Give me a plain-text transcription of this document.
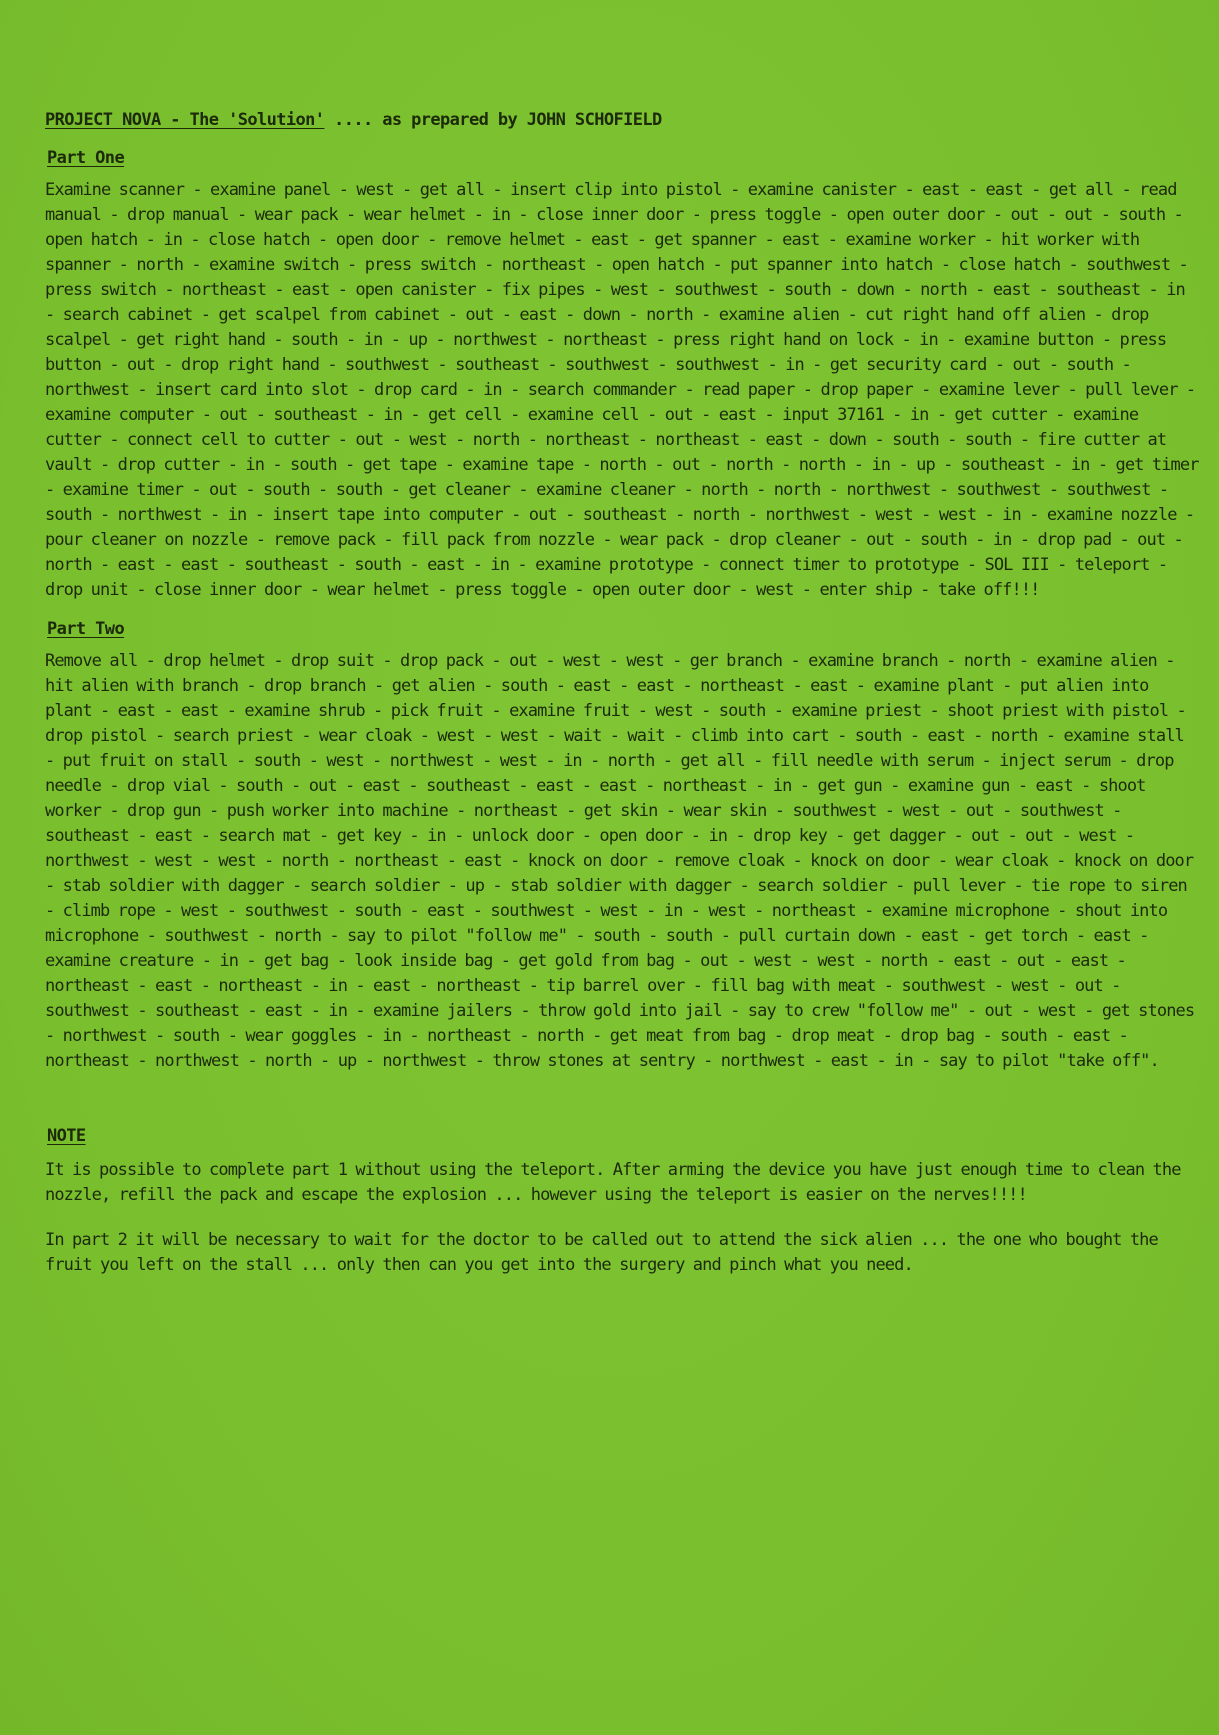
PROJECT NOVA - The 'Solution' .... as prepared by JOHN SCHOFIELD
Part One

Examine scanner - examine panel - west - get all - insert clip into pistol - examine canister - east - east - get all - read manual - drop manual - wear pack - wear helmet - in - close inner door - press toggle - open outer door - out - out - south - open hatch - in - close hatch - open door - remove helmet - east - get spanner - east - examine worker - hit worker with spanner - north - examine switch - press switch - northeast - open hatch - put spanner into hatch - close hatch - southwest - press switch - northeast - east - open canister - fix pipes - west - southwest - south - down - north - east - southeast - in - search cabinet - get scalpel from cabinet - out - east - down - north - examine alien - cut right hand off alien - drop scalpel - get right hand - south - in - up - northwest - northeast - press right hand on lock - in - examine button - press button - out - drop right hand - southwest - southeast - southwest - southwest - in - get security card - out - south - northwest - insert card into slot - drop card - in - search commander - read paper - drop paper - examine lever - pull lever - examine computer - out - southeast - in - get cell - examine cell - out - east - input 37161 - in - get cutter - examine cutter - connect cell to cutter - out - west - north - northeast - northeast - east - down - south - south - fire cutter at vault - drop cutter - in - south - get tape - examine tape - north - out - north - north - in - up - southeast - in - get timer - examine timer - out - south - south - get cleaner - examine cleaner - north - north - northwest - southwest - southwest - south - northwest - in - insert tape into computer - out - southeast - north - northwest - west - west - in - examine nozzle - pour cleaner on nozzle - remove pack - fill pack from nozzle - wear pack - drop cleaner - out - south - in - drop pad - out - north - east - east - southeast - south - east - in - examine prototype - connect timer to prototype - SOL III - teleport - drop unit - close inner door - wear helmet - press toggle - open outer door - west - enter ship - take off!!!

Part Two

Remove all - drop helmet - drop suit - drop pack - out - west - west - ger branch - examine branch - north - examine alien - hit alien with branch - drop branch - get alien - south - east - east - northeast - east - examine plant - put alien into plant - east - east - examine shrub - pick fruit - examine fruit - west - south - examine priest - shoot priest with pistol - drop pistol - search priest - wear cloak - west - west - wait - wait - climb into cart - south - east - north - examine stall - put fruit on stall - south - west - northwest - west - in - north - get all - fill needle with serum - inject serum - drop needle - drop vial - south - out - east - southeast - east - east - northeast - in - get gun - examine gun - east - shoot worker - drop gun - push worker into machine - northeast - get skin - wear skin - southwest - west - out - southwest - southeast - east - search mat - get key - in - unlock door - open door - in - drop key - get dagger - out - out - west - northwest - west - west - north - northeast - east - knock on door - remove cloak - knock on door - wear cloak - knock on door - stab soldier with dagger - search soldier - up - stab soldier with dagger - search soldier - pull lever - tie rope to siren - climb rope - west - southwest - south - east - southwest - west - in - west - northeast - examine microphone - shout into microphone - southwest - north - say to pilot "follow me" - south - south - pull curtain down - east - get torch - east - examine creature - in - get bag - look inside bag - get gold from bag - out - west - west - north - east - out - east - northeast - east - northeast - in - east - northeast - tip barrel over - fill bag with meat - southwest - west - out - southwest - southeast - east - in - examine jailers - throw gold into jail - say to crew "follow me" - out - west - get stones - northwest - south - wear goggles - in - northeast - north - get meat from bag - drop meat - drop bag - south - east - northeast - northwest - north - up - northwest - throw stones at sentry - northwest - east - in - say to pilot "take off".

NOTE

It is possible to complete part 1 without using the teleport. After arming the device you have just enough time to clean the nozzle, refill the pack and escape the explosion ... however using the teleport is easier on the nerves!!!!

In part 2 it will be necessary to wait for the doctor to be called out to attend the sick alien ... the one who bought the fruit you left on the stall ... only then can you get into the surgery and pinch what you need.
